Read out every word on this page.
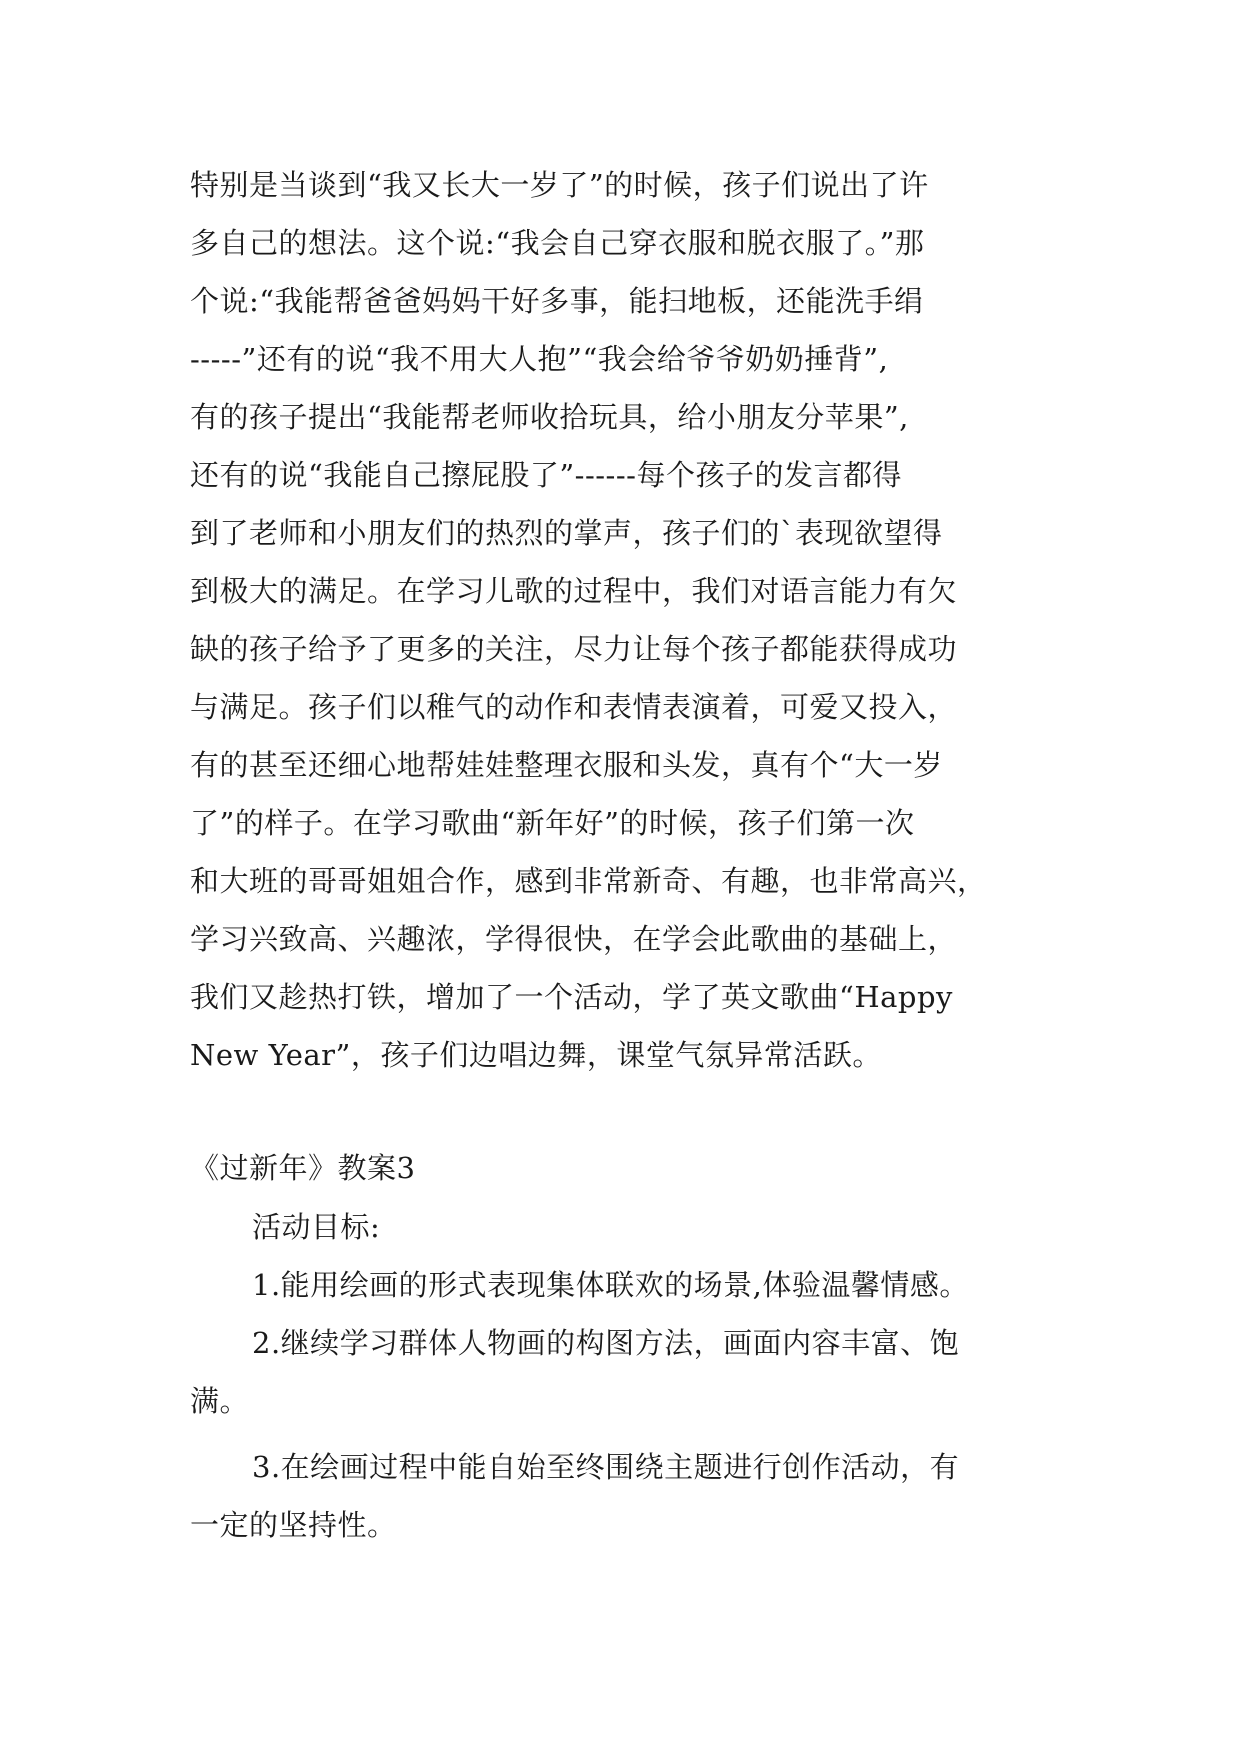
特别是当谈到“我又长大一岁了”的时候，孩子们说出了许

多自己的想法。这个说:“我会自己穿衣服和脱衣服了。”那

个说:“我能帮爸爸妈妈干好多事，能扫地板，还能洗手绢

-----”还有的说“我不用大人抱”“我会给爷爷奶奶捶背”,

有的孩子提出“我能帮老师收拾玩具，给小朋友分苹果”,

还有的说“我能自己擦屁股了”------每个孩子的发言都得

到了老师和小朋友们的热烈的掌声，孩子们的`表现欲望得

到极大的满足。在学习儿歌的过程中，我们对语言能力有欠

缺的孩子给予了更多的关注，尽力让每个孩子都能获得成功

与满足。孩子们以稚气的动作和表情表演着，可爱又投入，

有的甚至还细心地帮娃娃整理衣服和头发，真有个“大一岁

了”的样子。在学习歌曲“新年好”的时候，孩子们第一次

和大班的哥哥姐姐合作，感到非常新奇、有趣，也非常高兴，

学习兴致高、兴趣浓，学得很快，在学会此歌曲的基础上，

我们又趁热打铁，增加了一个活动，学了英文歌曲“Happy

New Year”，孩子们边唱边舞，课堂气氛异常活跃。

《过新年》教案3

活动目标:

1.能用绘画的形式表现集体联欢的场景,体验温馨情感。

2.继续学习群体人物画的构图方法，画面内容丰富、饱

满。

3.在绘画过程中能自始至终围绕主题进行创作活动，有

一定的坚持性。
